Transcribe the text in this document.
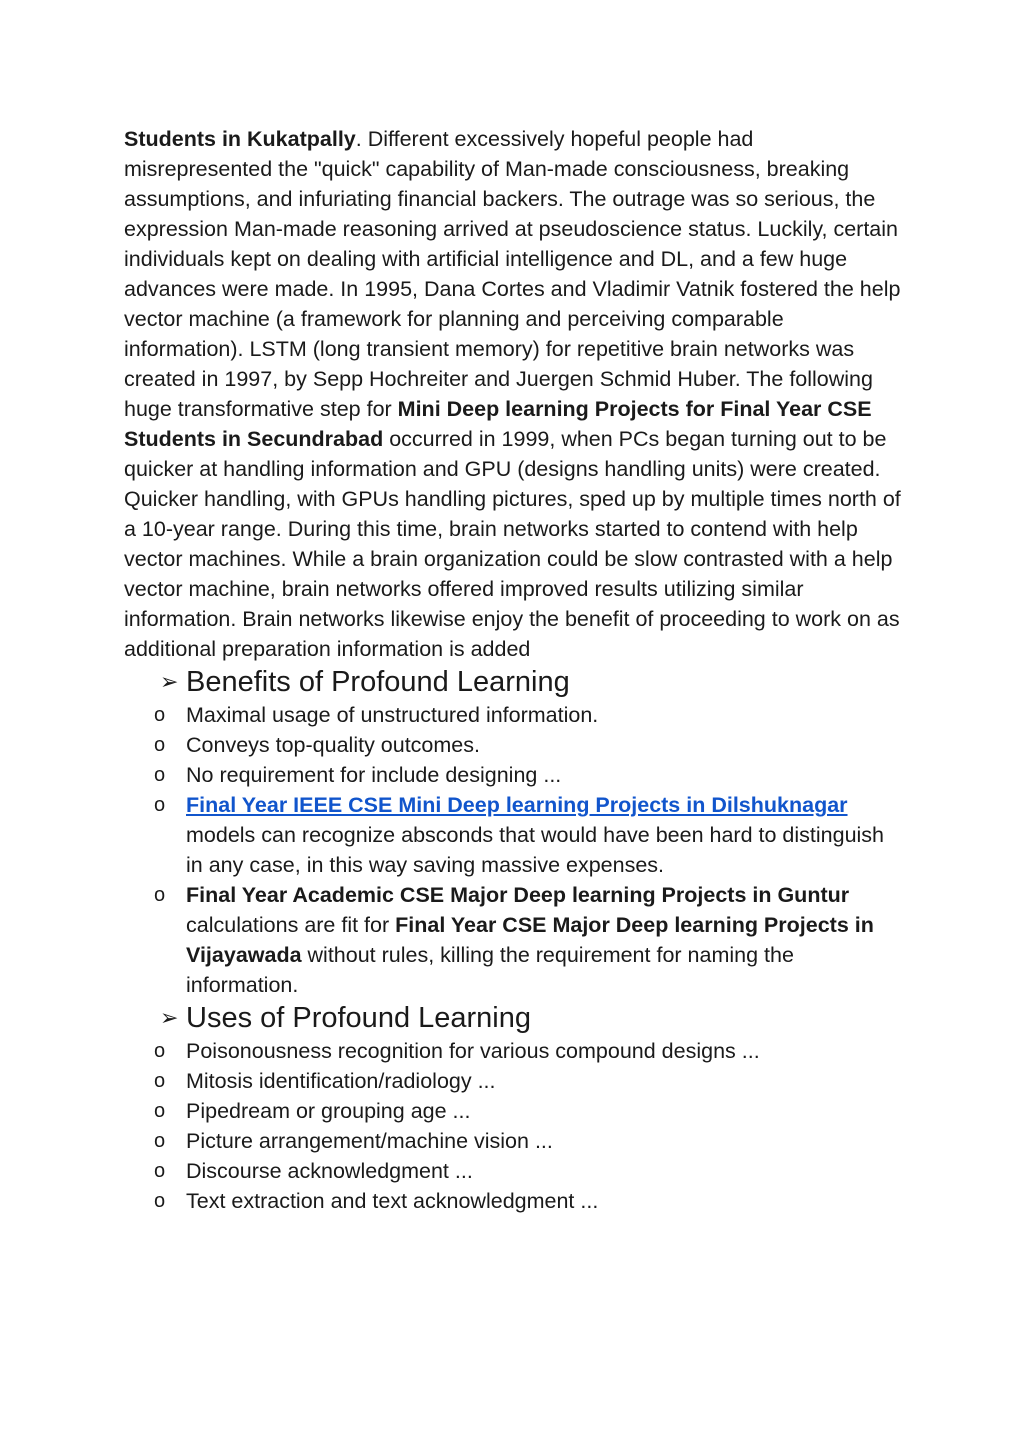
Students in Kukatpally. Different excessively hopeful people had misrepresented the "quick" capability of Man-made consciousness, breaking assumptions, and infuriating financial backers. The outrage was so serious, the expression Man-made reasoning arrived at pseudoscience status. Luckily, certain individuals kept on dealing with artificial intelligence and DL, and a few huge advances were made. In 1995, Dana Cortes and Vladimir Vatnik fostered the help vector machine (a framework for planning and perceiving comparable information). LSTM (long transient memory) for repetitive brain networks was created in 1997, by Sepp Hochreiter and Juergen Schmid Huber. The following huge transformative step for Mini Deep learning Projects for Final Year CSE Students in Secundrabad occurred in 1999, when PCs began turning out to be quicker at handling information and GPU (designs handling units) were created. Quicker handling, with GPUs handling pictures, sped up by multiple times north of a 10-year range. During this time, brain networks started to contend with help vector machines. While a brain organization could be slow contrasted with a help vector machine, brain networks offered improved results utilizing similar information. Brain networks likewise enjoy the benefit of proceeding to work on as additional preparation information is added

➢ Benefits of Profound Learning
o Maximal usage of unstructured information.
o Conveys top-quality outcomes.
o No requirement for include designing ...
o Final Year IEEE CSE Mini Deep learning Projects in Dilshuknagar models can recognize absconds that would have been hard to distinguish in any case, in this way saving massive expenses.
o Final Year Academic CSE Major Deep learning Projects in Guntur calculations are fit for Final Year CSE Major Deep learning Projects in Vijayawada without rules, killing the requirement for naming the information.
➢ Uses of Profound Learning
o Poisonousness recognition for various compound designs ...
o Mitosis identification/radiology ...
o Pipedream or grouping age ...
o Picture arrangement/machine vision ...
o Discourse acknowledgment ...
o Text extraction and text acknowledgment ...
